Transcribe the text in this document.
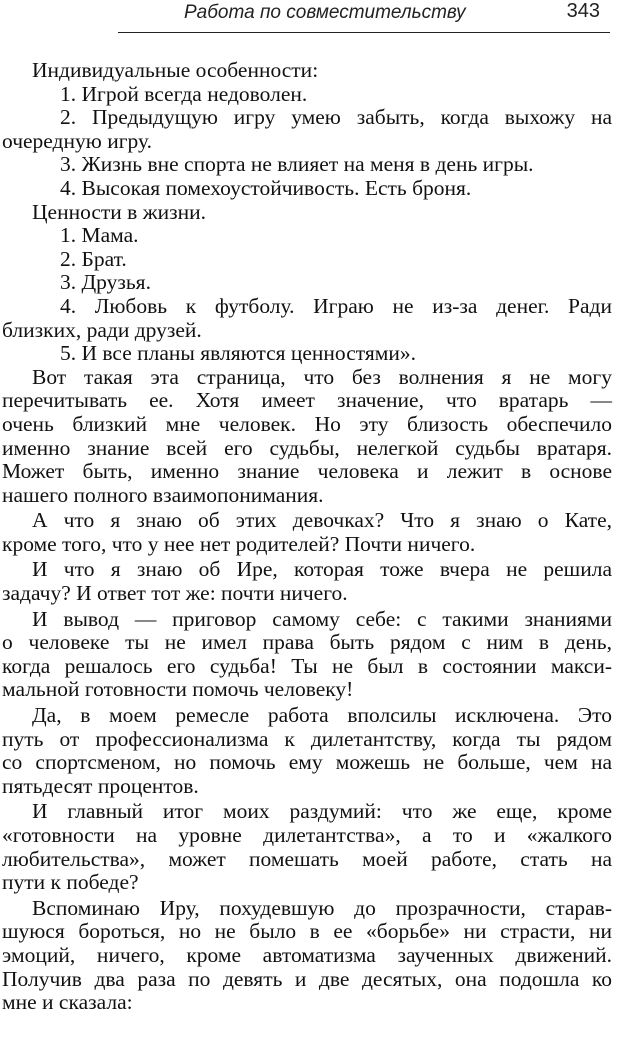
Работа по совместительству	343
Индивидуальные особенности:
1. Игрой всегда недоволен.
2. Предыдущую игру умею забыть, когда выхожу на
очередную игру.
3. Жизнь вне спорта не влияет на меня в день игры.
4. Высокая помехоустойчивость. Есть броня.
Ценности в жизни.
1. Мама.
2. Брат.
3. Друзья.
4. Любовь к футболу. Играю не из-за денег. Ради
близких, ради друзей.
5. И все планы являются ценностями».
Вот такая эта страница, что без волнения я не могу
перечитывать ее. Хотя имеет значение, что вратарь —
очень близкий мне человек. Но эту близость обеспечило
именно знание всей его судьбы, нелегкой судьбы вратаря.
Может быть, именно знание человека и лежит в основе
нашего полного взаимопонимания.
А что я знаю об этих девочках? Что я знаю о Кате,
кроме того, что у нее нет родителей? Почти ничего.
И что я знаю об Ире, которая тоже вчера не решила
задачу? И ответ тот же: почти ничего.
И вывод — приговор самому себе: с такими знаниями
о человеке ты не имел права быть рядом с ним в день,
когда решалось его судьба! Ты не был в состоянии макси-
мальной готовности помочь человеку!
Да, в моем ремесле работа вполсилы исключена. Это
путь от профессионализма к дилетантству, когда ты рядом
со спортсменом, но помочь ему можешь не больше, чем на
пятьдесят процентов.
И главный итог моих раздумий: что же еще, кроме
«готовности на уровне дилетантства», а то и «жалкого
любительства», может помешать моей работе, стать на
пути к победе?
Вспоминаю Иру, похудевшую до прозрачности, старав-
шуюся бороться, но не было в ее «борьбе» ни страсти, ни
эмоций, ничего, кроме автоматизма заученных движений.
Получив два раза по девять и две десятых, она подошла ко
мне и сказала:
